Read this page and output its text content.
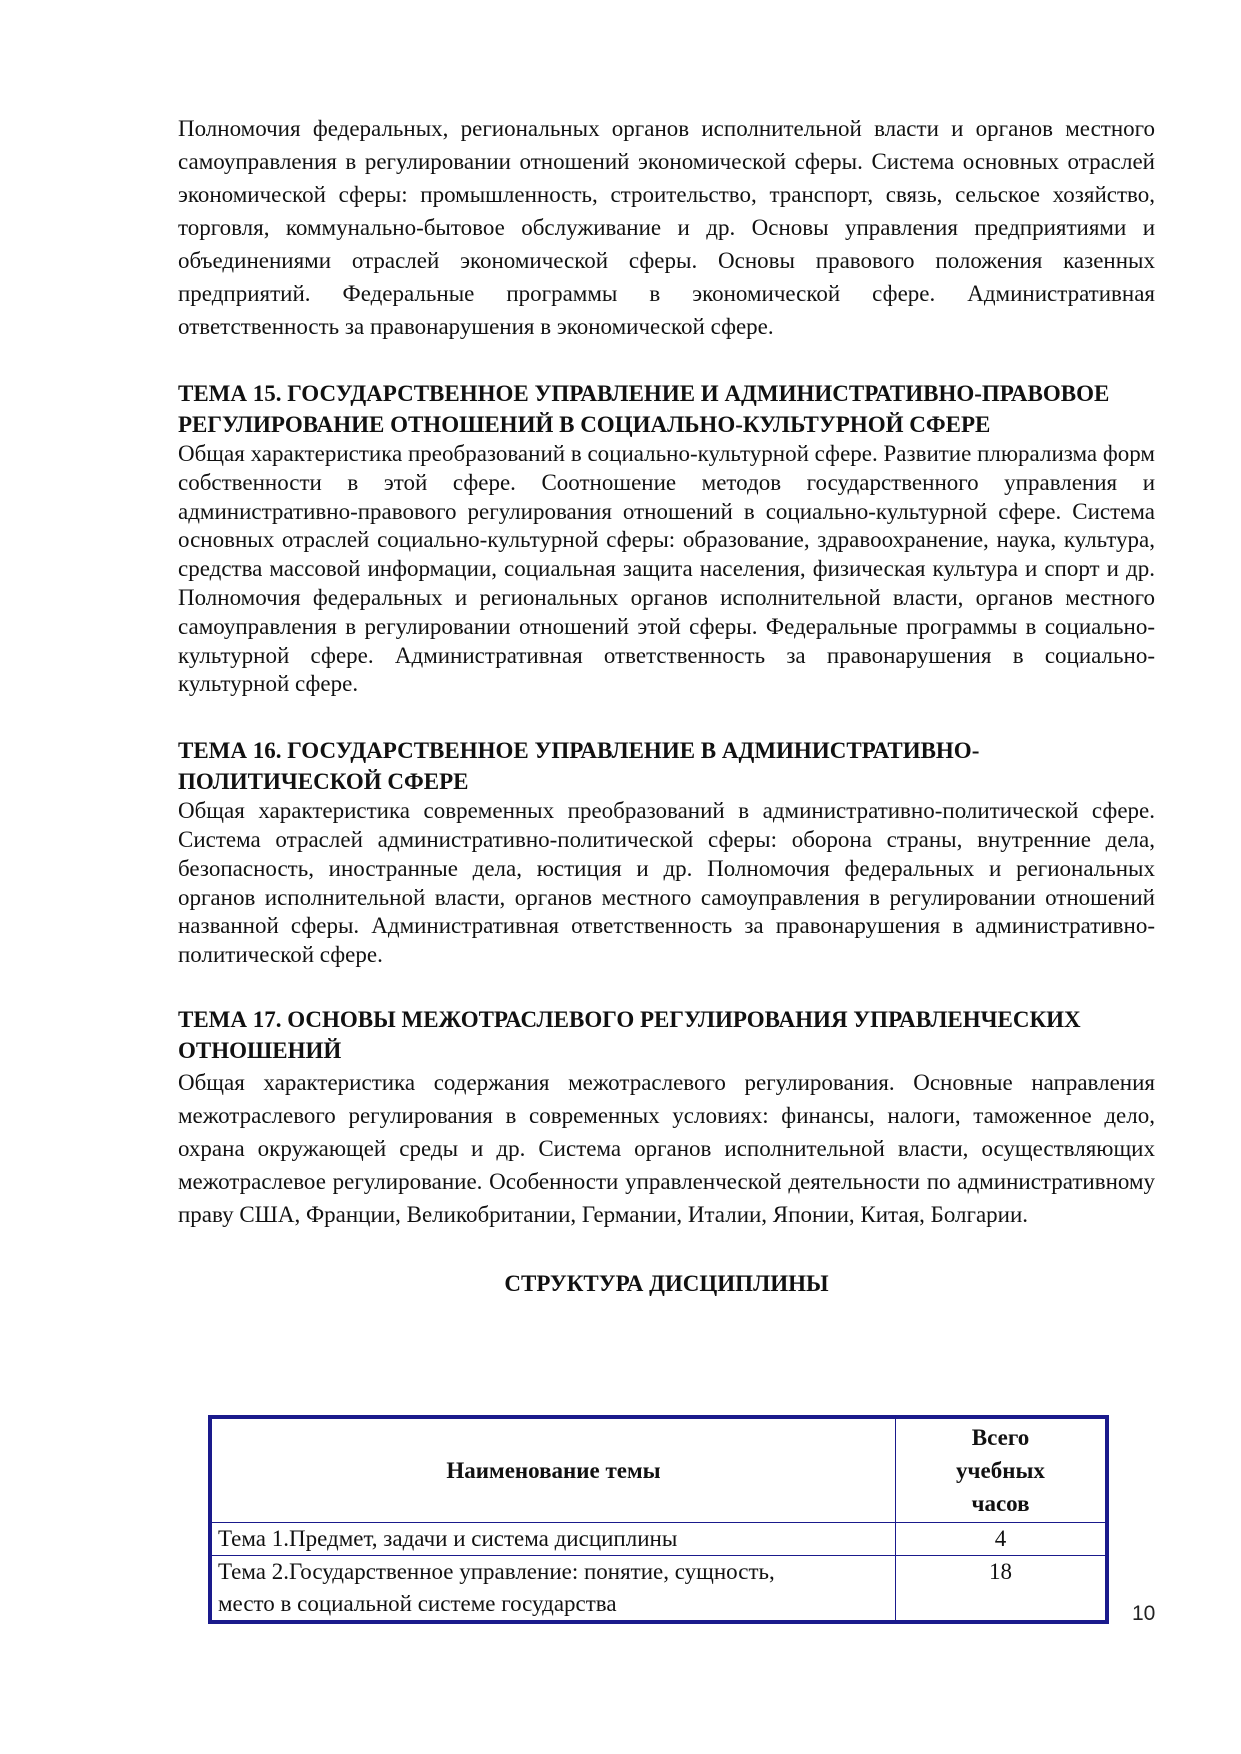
Полномочия федеральных, региональных органов исполнительной власти и органов местного самоуправления в регулировании отношений экономической сферы. Система основных отраслей экономической сферы: промышленность, строительство, транспорт, связь, сельское хозяйство, торговля, коммунально-бытовое обслуживание и др. Основы управления предприятиями и объединениями отраслей экономической сферы. Основы правового положения казенных предприятий. Федеральные программы в экономической сфере. Административная ответственность за правонарушения в экономической сфере.

ТЕМА 15. ГОСУДАРСТВЕННОЕ УПРАВЛЕНИЕ И АДМИНИСТРАТИВНО-ПРАВОВОЕ РЕГУЛИРОВАНИЕ ОТНОШЕНИЙ В СОЦИАЛЬНО-КУЛЬТУРНОЙ СФЕРЕ

Общая характеристика преобразований в социально-культурной сфере. Развитие плюрализма форм собственности в этой сфере. Соотношение методов государственного управления и административно-правового регулирования отношений в социально-культурной сфере. Система основных отраслей социально-культурной сферы: образование, здравоохранение, наука, культура, средства массовой информации, социальная защита населения, физическая культура и спорт и др. Полномочия федеральных и региональных органов исполнительной власти, органов местного самоуправления в регулировании отношений этой сферы. Федеральные программы в социально-культурной сфере. Административная ответственность за правонарушения в социально-культурной сфере.

ТЕМА 16. ГОСУДАРСТВЕННОЕ УПРАВЛЕНИЕ В АДМИНИСТРАТИВНО-ПОЛИТИЧЕСКОЙ СФЕРЕ

Общая характеристика современных преобразований в административно-политической сфере. Система отраслей административно-политической сферы: оборона страны, внутренние дела, безопасность, иностранные дела, юстиция и др. Полномочия федеральных и региональных органов исполнительной власти, органов местного самоуправления в регулировании отношений названной сферы. Административная ответственность за правонарушения в административно-политической сфере.

ТЕМА 17. ОСНОВЫ МЕЖОТРАСЛЕВОГО РЕГУЛИРОВАНИЯ УПРАВЛЕНЧЕСКИХ ОТНОШЕНИЙ

Общая характеристика содержания межотраслевого регулирования. Основные направления межотраслевого регулирования в современных условиях: финансы, налоги, таможенное дело, охрана окружающей среды и др. Система органов исполнительной власти, осуществляющих межотраслевое регулирование. Особенности управленческой деятельности по административному праву США, Франции, Великобритании, Германии, Италии, Японии, Китая, Болгарии.

СТРУКТУРА ДИСЦИПЛИНЫ
Наименование темы	Всего
учебных
часов

Тема 1.Предмет, задачи и система дисциплины	4

Тема 2.Государственное управление: понятие, сущность,
место в социальной системе государства	18
10
